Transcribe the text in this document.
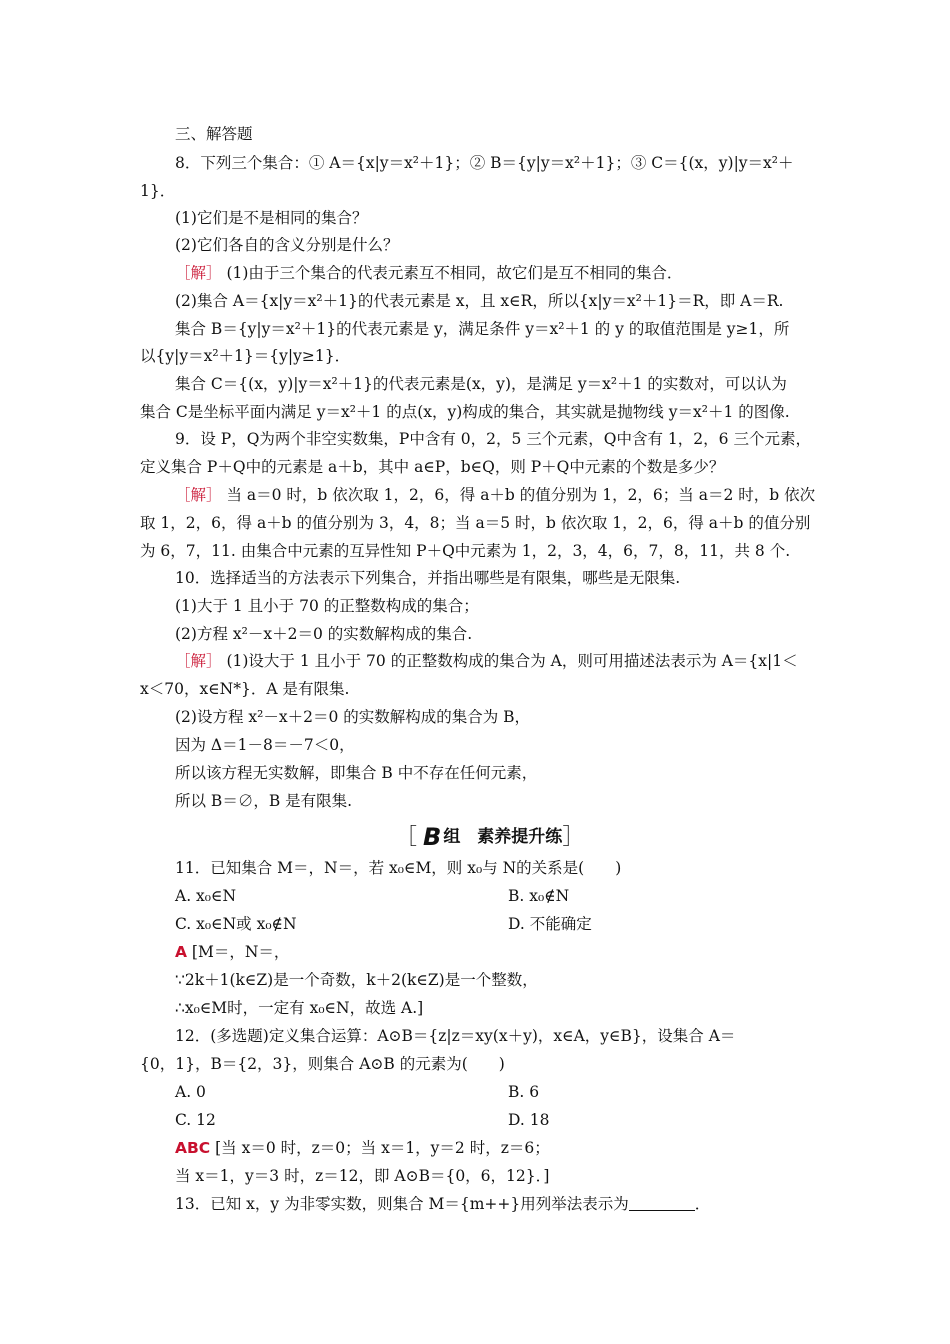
三、解答题
8．下列三个集合：① A＝{x|y＝x²＋1}；② B＝{y|y＝x²＋1}；③ C＝{(x，y)|y＝x²＋
1}．
(1)它们是不是相同的集合？
(2)它们各自的含义分别是什么？
［解］ (1)由于三个集合的代表元素互不相同，故它们是互不相同的集合．
(2)集合 A＝{x|y＝x²＋1}的代表元素是 x，且 x∈R，所以{x|y＝x²＋1}＝R，即 A＝R.
集合 B＝{y|y＝x²＋1}的代表元素是 y，满足条件 y＝x²＋1 的 y 的取值范围是 y≥1，所
以{y|y＝x²＋1}＝{y|y≥1}．
集合 C＝{(x，y)|y＝x²＋1}的代表元素是(x，y)，是满足 y＝x²＋1 的实数对，可以认为
集合 C是坐标平面内满足 y＝x²＋1 的点(x，y)构成的集合，其实就是抛物线 y＝x²＋1 的图像.
9．设 P，Q为两个非空实数集，P中含有 0，2，5 三个元素，Q中含有 1，2，6 三个元素，
定义集合 P＋Q中的元素是 a＋b，其中 a∈P，b∈Q，则 P＋Q中元素的个数是多少？
［解］ 当 a＝0 时，b 依次取 1，2，6，得 a＋b 的值分别为 1，2，6；当 a＝2 时，b 依次
取 1，2，6，得 a＋b 的值分别为 3，4，8；当 a＝5 时，b 依次取 1，2，6，得 a＋b 的值分别
为 6，7，11. 由集合中元素的互异性知 P＋Q中元素为 1，2，3，4，6，7，8，11，共 8 个.
10．选择适当的方法表示下列集合，并指出哪些是有限集，哪些是无限集.
(1)大于 1 且小于 70 的正整数构成的集合；
(2)方程 x²－x＋2＝0 的实数解构成的集合.
［解］ (1)设大于 1 且小于 70 的正整数构成的集合为 A，则可用描述法表示为 A＝{x|1＜
x＜70，x∈N*}．A 是有限集.
(2)设方程 x²－x＋2＝0 的实数解构成的集合为 B，
因为 Δ＝1－8＝－7＜0，
所以该方程无实数解，即集合 B 中不存在任何元素，
所以 B＝∅，B 是有限集.
［ B 组　素养提升练］
11．已知集合 M＝，N＝，若 x₀∈M，则 x₀与 N的关系是(　　)
A. x₀∈N	B. x₀∉N
C. x₀∈N或 x₀∉N	D. 不能确定
A [M＝，N＝，
∵2k＋1(k∈Z)是一个奇数，k＋2(k∈Z)是一个整数，
∴x₀∈M时，一定有 x₀∈N，故选 A.]
12．(多选题)定义集合运算：A⊙B＝{z|z＝xy(x＋y)，x∈A，y∈B}，设集合 A＝
{0，1}，B＝{2，3}，则集合 A⊙B 的元素为(　　)
A. 0	B. 6
C. 12	D. 18
ABC [当 x＝0 时，z＝0；当 x＝1，y＝2 时，z＝6；
当 x＝1，y＝3 时，z＝12，即 A⊙B＝{0，6，12}．]
13．已知 x，y 为非零实数，则集合 M＝{m++}用列举法表示为	．
